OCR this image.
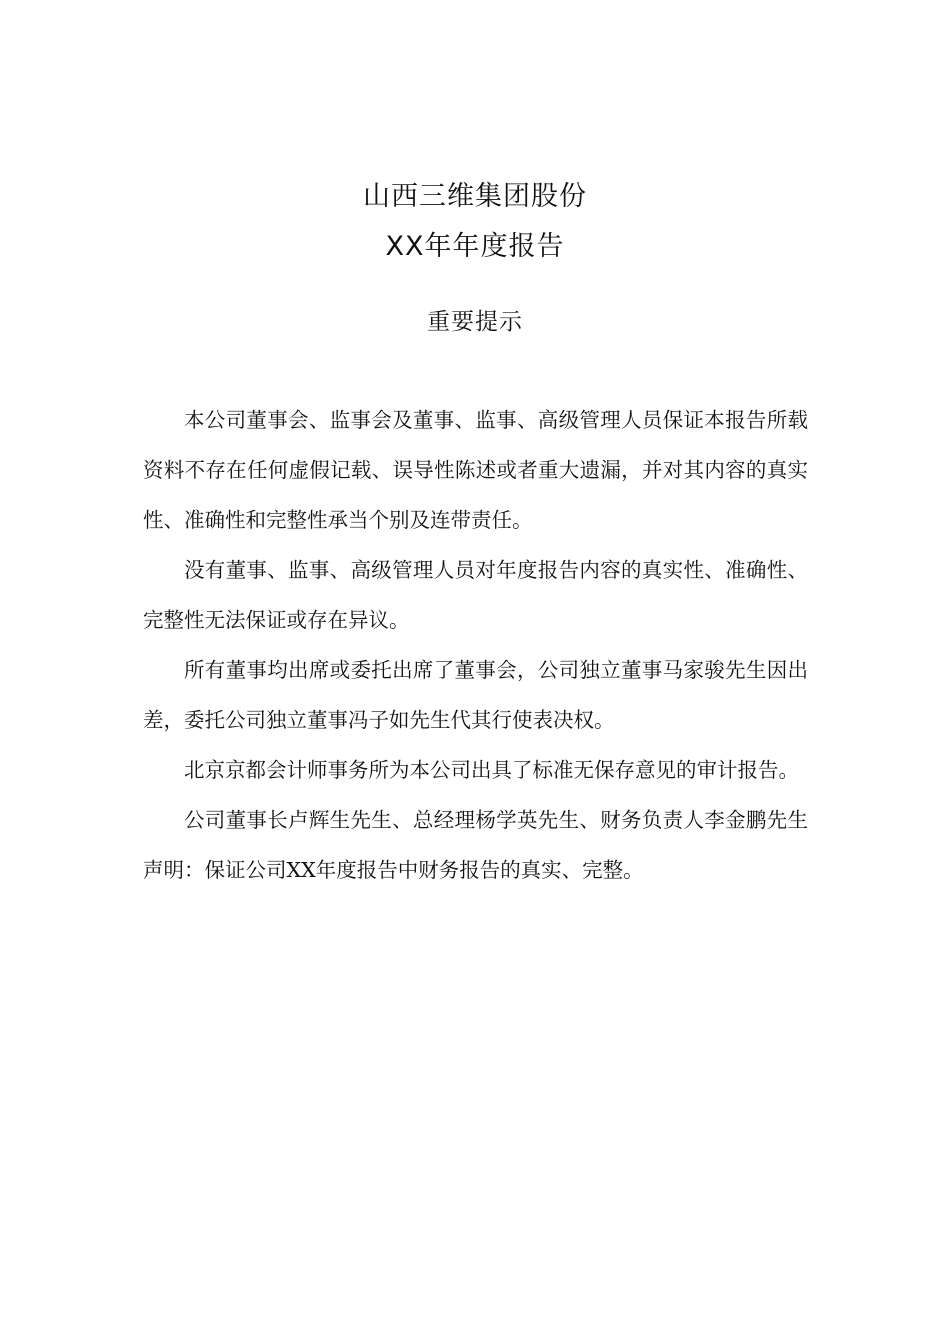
山西三维集团股份
XX年年度报告
重要提示

本公司董事会、监事会及董事、监事、高级管理人员保证本报告所载资料不存在任何虚假记载、误导性陈述或者重大遗漏，并对其内容的真实性、准确性和完整性承当个别及连带责任。

没有董事、监事、高级管理人员对年度报告内容的真实性、准确性、完整性无法保证或存在异议。

所有董事均出席或委托出席了董事会，公司独立董事马家骏先生因出差，委托公司独立董事冯子如先生代其行使表决权。

北京京都会计师事务所为本公司出具了标准无保存意见的审计报告。

公司董事长卢辉生先生、总经理杨学英先生、财务负责人李金鹏先生声明：保证公司XX年度报告中财务报告的真实、完整。
